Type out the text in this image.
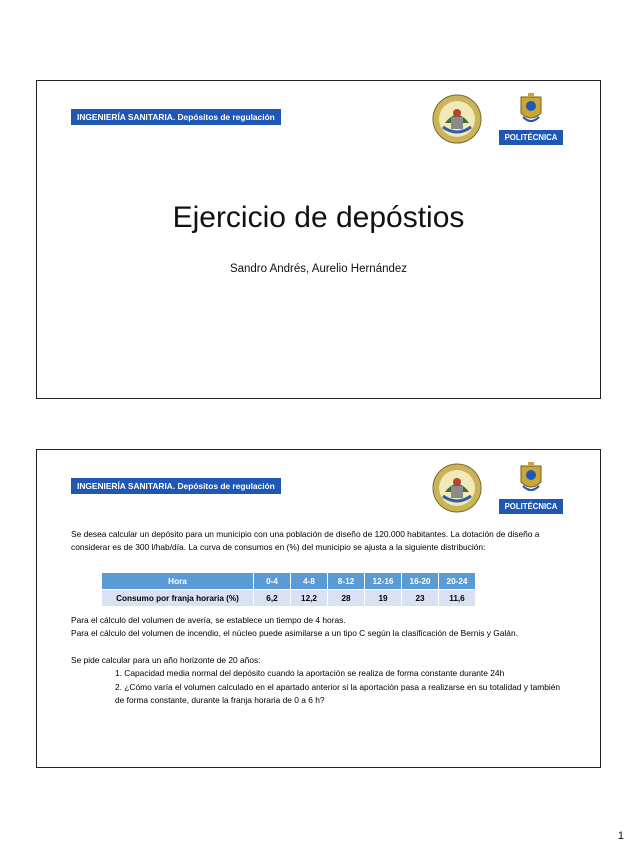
INGENIERÍA SANITARIA. Depósitos de regulación
POLITÉCNICA
Ejercicio de depóstios
Sandro Andrés, Aurelio Hernández
INGENIERÍA SANITARIA. Depósitos de regulación
POLITÉCNICA

Se desea calcular un depósito para un municipio con una población de diseño de 120.000 habitantes. La dotación de diseño a considerar es de 300 l/hab/día. La curva de consumos en (%) del municipio se ajusta a la siguiente distribución:

Hora	0-4	4-8	8-12	12-16	16-20	20-24
Consumo por franja horaria (%)	6,2	12,2	28	19	23	11,6

Para el cálculo del volumen de avería, se establece un tiempo de 4 horas.

Para el cálculo del volumen de incendio, el núcleo puede asimilarse a un tipo C según la clasificación de Bernis y Galán.

Se pide calcular para un año horizonte de 20 años:

1. Capacidad media normal del depósito cuando la aportación se realiza de forma constante durante 24h

2. ¿Cómo varía el volumen calculado en el apartado anterior si la aportación pasa a realizarse en su totalidad y también de forma constante, durante la franja horaria de 0 a 6 h?

1
